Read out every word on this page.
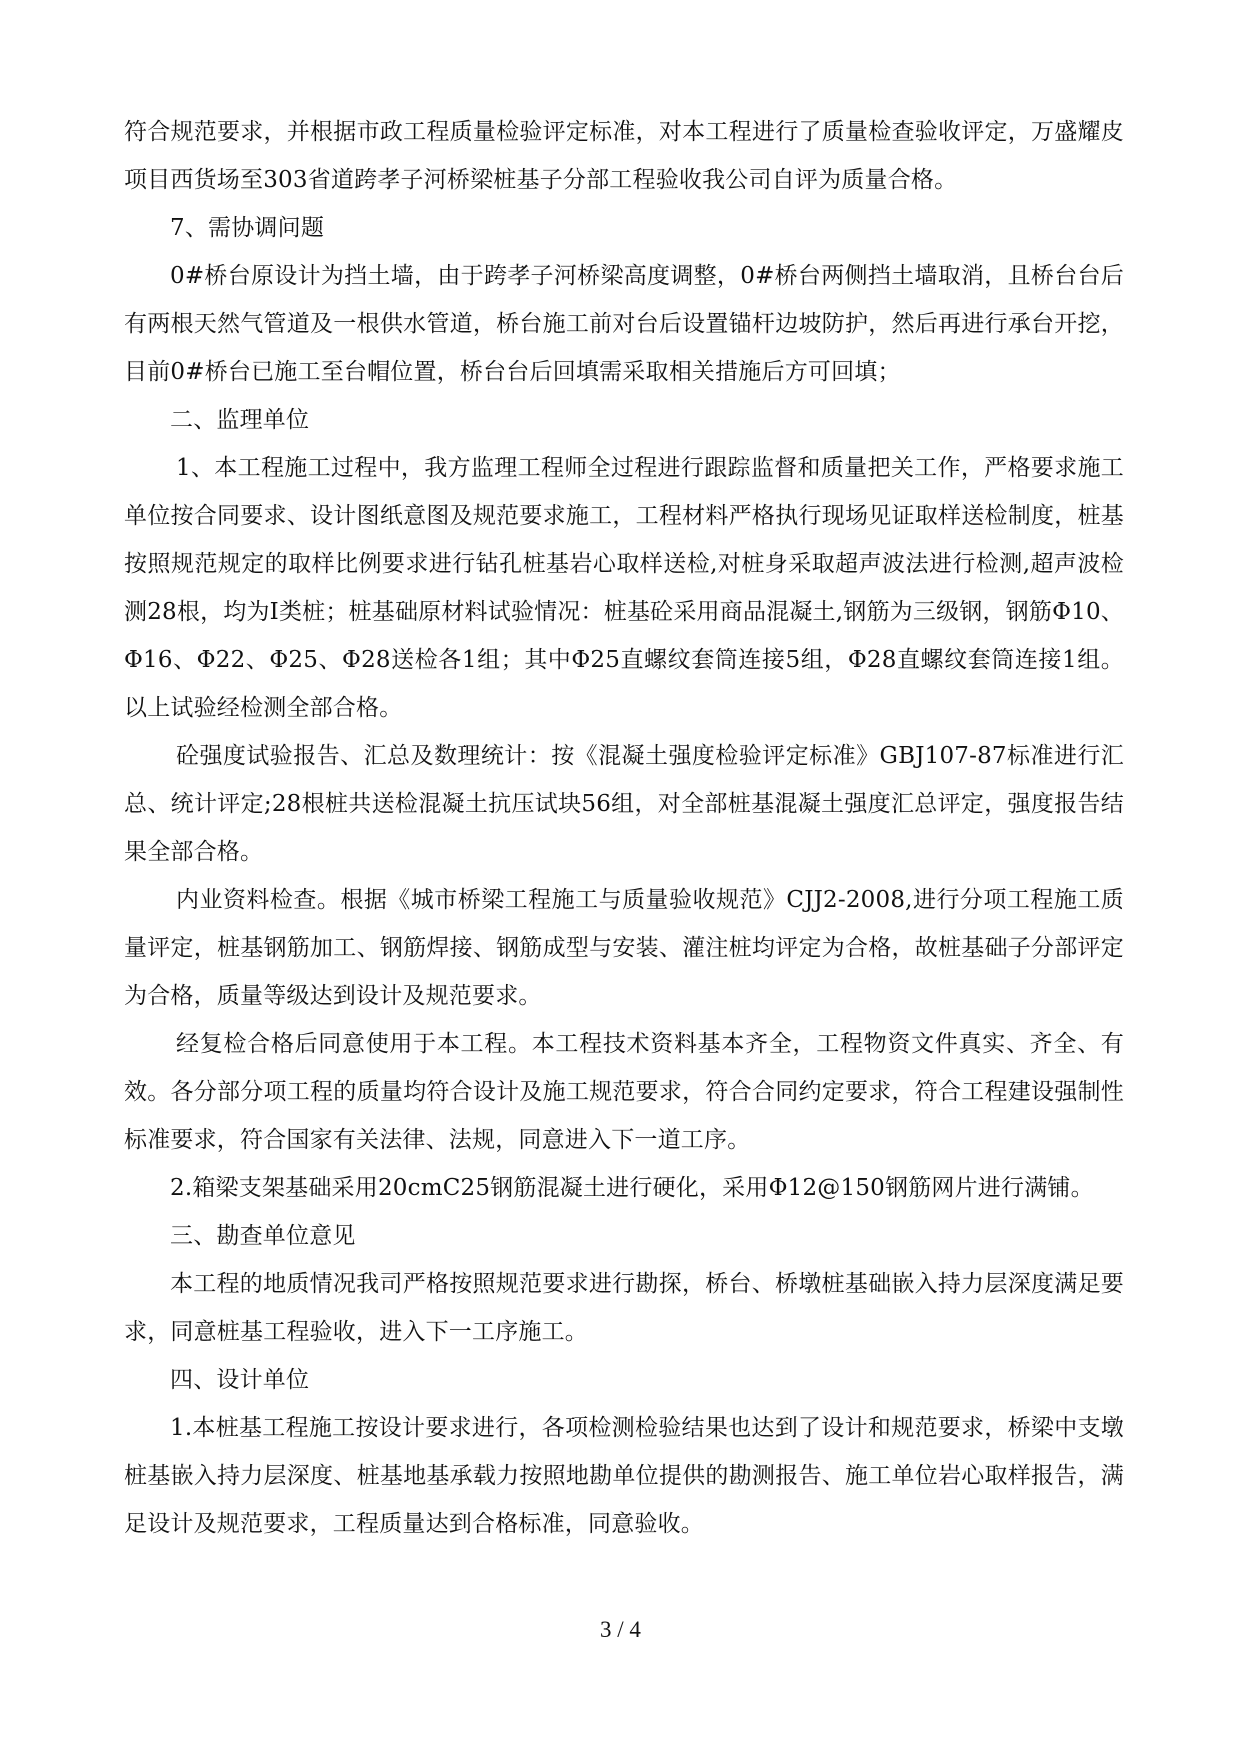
符合规范要求，并根据市政工程质量检验评定标准，对本工程进行了质量检查验收评定，万盛耀皮项目西货场至303省道跨孝子河桥梁桩基子分部工程验收我公司自评为质量合格。

7、需协调问题

0#桥台原设计为挡土墙，由于跨孝子河桥梁高度调整，0#桥台两侧挡土墙取消，且桥台台后有两根天然气管道及一根供水管道，桥台施工前对台后设置锚杆边坡防护，然后再进行承台开挖，目前0#桥台已施工至台帽位置，桥台台后回填需采取相关措施后方可回填；

二、监理单位

1、本工程施工过程中，我方监理工程师全过程进行跟踪监督和质量把关工作，严格要求施工单位按合同要求、设计图纸意图及规范要求施工，工程材料严格执行现场见证取样送检制度，桩基按照规范规定的取样比例要求进行钻孔桩基岩心取样送检,对桩身采取超声波法进行检测,超声波检测28根，均为I类桩；桩基础原材料试验情况：桩基砼采用商品混凝土,钢筋为三级钢，钢筋Φ10、Φ16、Φ22、Φ25、Φ28送检各1组；其中Φ25直螺纹套筒连接5组，Φ28直螺纹套筒连接1组。以上试验经检测全部合格。

砼强度试验报告、汇总及数理统计：按《混凝土强度检验评定标准》GBJ107-87标准进行汇总、统计评定;28根桩共送检混凝土抗压试块56组，对全部桩基混凝土强度汇总评定，强度报告结果全部合格。

内业资料检查。根据《城市桥梁工程施工与质量验收规范》CJJ2-2008,进行分项工程施工质量评定，桩基钢筋加工、钢筋焊接、钢筋成型与安装、灌注桩均评定为合格，故桩基础子分部评定为合格，质量等级达到设计及规范要求。

经复检合格后同意使用于本工程。本工程技术资料基本齐全，工程物资文件真实、齐全、有效。各分部分项工程的质量均符合设计及施工规范要求，符合合同约定要求，符合工程建设强制性标准要求，符合国家有关法律、法规，同意进入下一道工序。

2.箱梁支架基础采用20cmC25钢筋混凝土进行硬化，采用Φ12@150钢筋网片进行满铺。

三、勘查单位意见

本工程的地质情况我司严格按照规范要求进行勘探，桥台、桥墩桩基础嵌入持力层深度满足要求，同意桩基工程验收，进入下一工序施工。

四、设计单位

1.本桩基工程施工按设计要求进行，各项检测检验结果也达到了设计和规范要求，桥梁中支墩桩基嵌入持力层深度、桩基地基承载力按照地勘单位提供的勘测报告、施工单位岩心取样报告，满足设计及规范要求，工程质量达到合格标准，同意验收。

3 / 4
